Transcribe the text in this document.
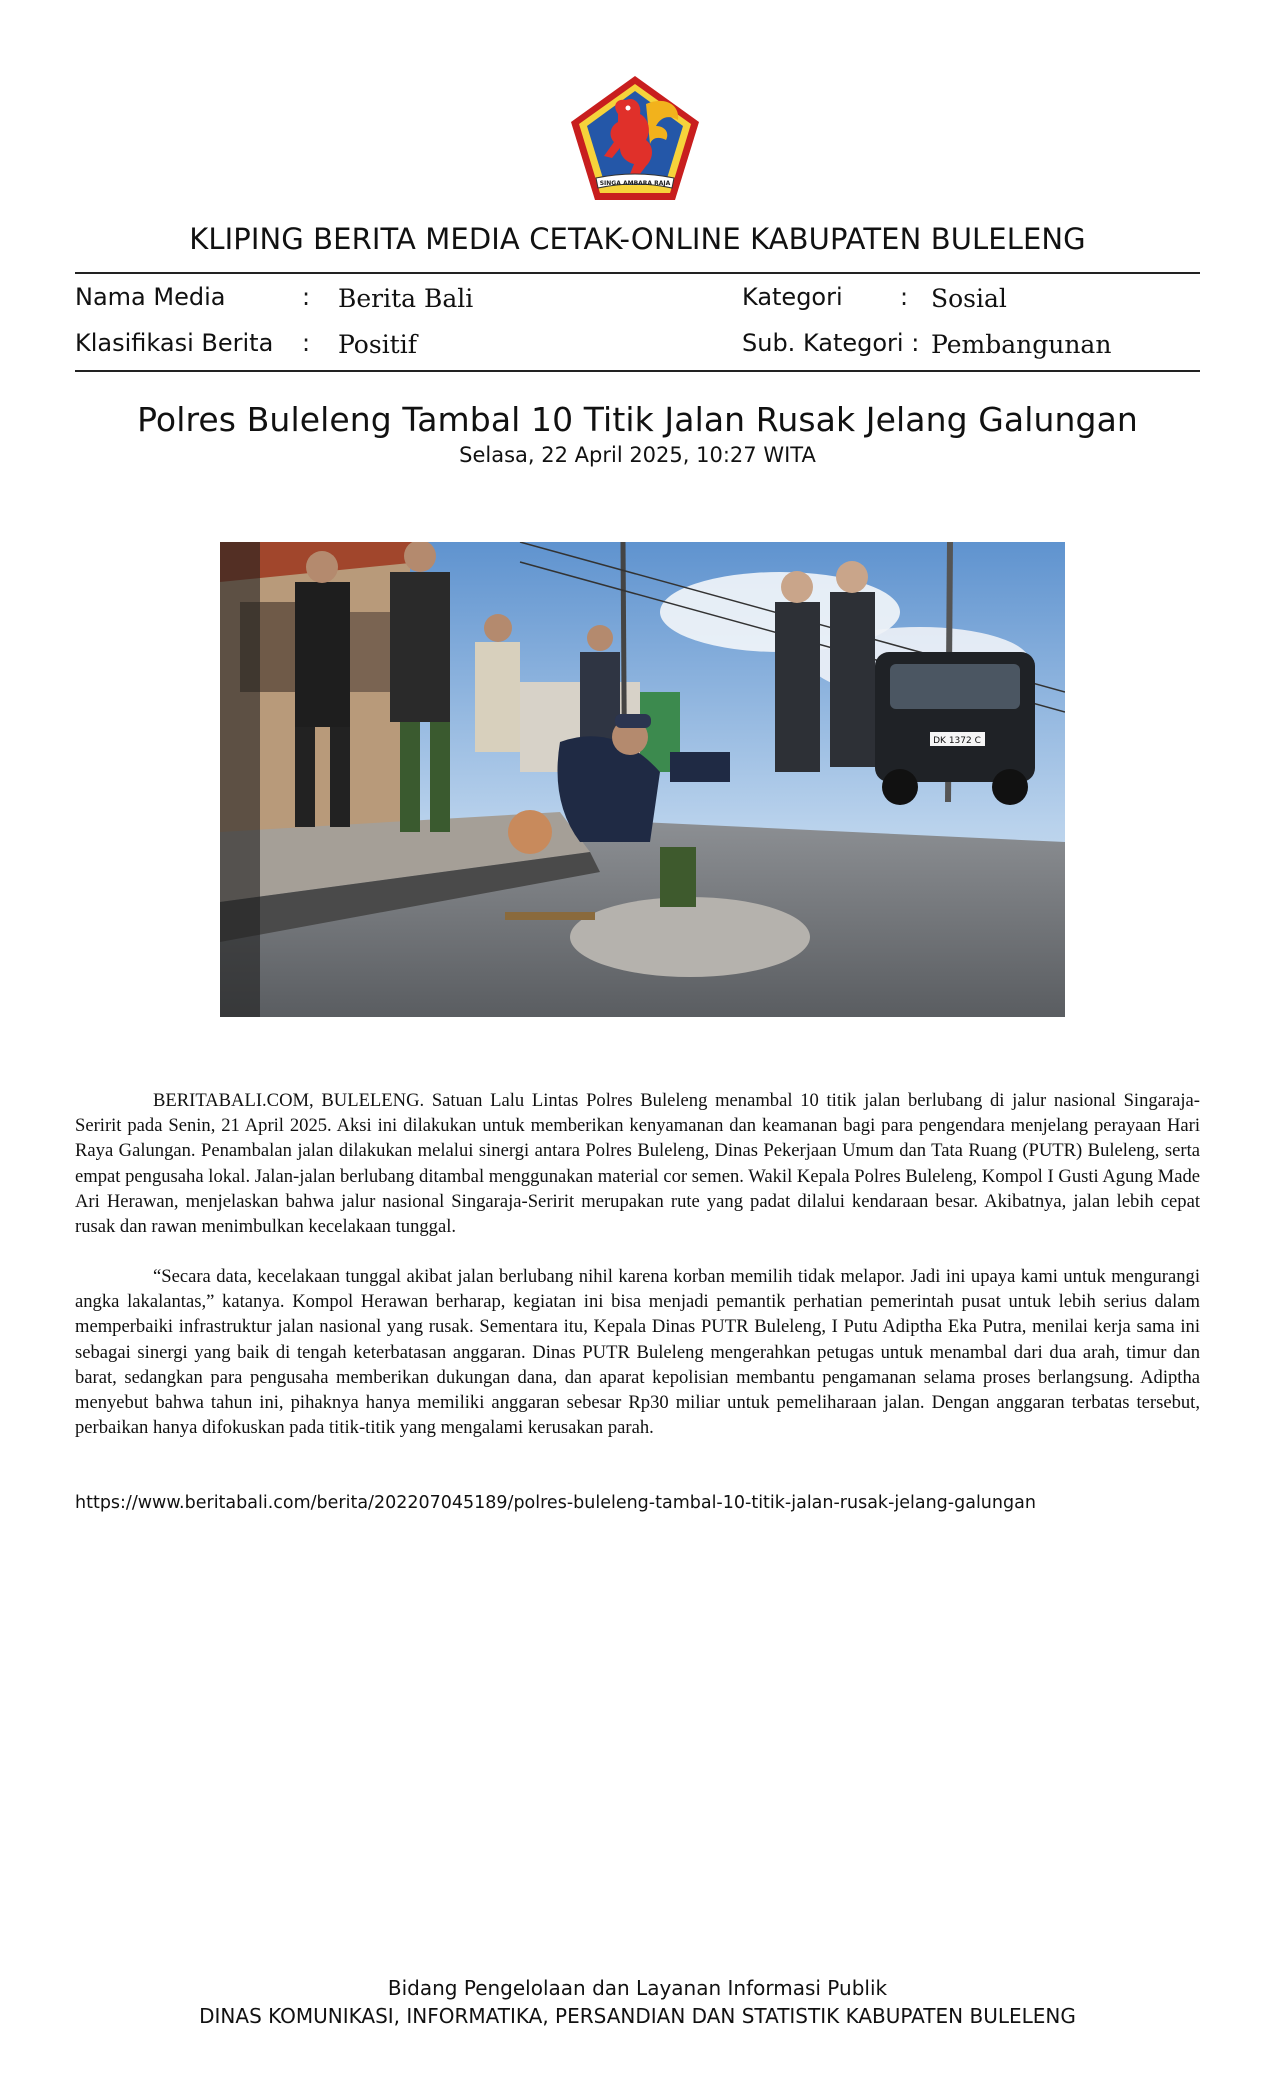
SINGA AMBARA RAJA
KLIPING BERITA MEDIA CETAK-ONLINE KABUPATEN BULELENG
Nama Media	: Berita Bali
Klasifikasi Berita : Positif
Kategori : Sosial
Sub. Kategori : Pembangunan
Polres Buleleng Tambal 10 Titik Jalan Rusak Jelang Galungan
Selasa, 22 April 2025, 10:27 WITA
DK 1372 C

BERITABALI.COM, BULELENG. Satuan Lalu Lintas Polres Buleleng menambal 10 titik jalan berlubang di jalur nasional Singaraja-Seririt pada Senin, 21 April 2025. Aksi ini dilakukan untuk memberikan kenyamanan dan keamanan bagi para pengendara menjelang perayaan Hari Raya Galungan. Penambalan jalan dilakukan melalui sinergi antara Polres Buleleng, Dinas Pekerjaan Umum dan Tata Ruang (PUTR) Buleleng, serta empat pengusaha lokal. Jalan-jalan berlubang ditambal menggunakan material cor semen. Wakil Kepala Polres Buleleng, Kompol I Gusti Agung Made Ari Herawan, menjelaskan bahwa jalur nasional Singaraja-Seririt merupakan rute yang padat dilalui kendaraan besar. Akibatnya, jalan lebih cepat rusak dan rawan menimbulkan kecelakaan tunggal.

“Secara data, kecelakaan tunggal akibat jalan berlubang nihil karena korban memilih tidak melapor. Jadi ini upaya kami untuk mengurangi angka lakalantas,” katanya. Kompol Herawan berharap, kegiatan ini bisa menjadi pemantik perhatian pemerintah pusat untuk lebih serius dalam memperbaiki infrastruktur jalan nasional yang rusak. Sementara itu, Kepala Dinas PUTR Buleleng, I Putu Adiptha Eka Putra, menilai kerja sama ini sebagai sinergi yang baik di tengah keterbatasan anggaran. Dinas PUTR Buleleng mengerahkan petugas untuk menambal dari dua arah, timur dan barat, sedangkan para pengusaha memberikan dukungan dana, dan aparat kepolisian membantu pengamanan selama proses berlangsung. Adiptha menyebut bahwa tahun ini, pihaknya hanya memiliki anggaran sebesar Rp30 miliar untuk pemeliharaan jalan. Dengan anggaran terbatas tersebut, perbaikan hanya difokuskan pada titik-titik yang mengalami kerusakan parah.

https://www.beritabali.com/berita/202207045189/polres-buleleng-tambal-10-titik-jalan-rusak-jelang-galungan
Bidang Pengelolaan dan Layanan Informasi Publik
DINAS KOMUNIKASI, INFORMATIKA, PERSANDIAN DAN STATISTIK KABUPATEN BULELENG
